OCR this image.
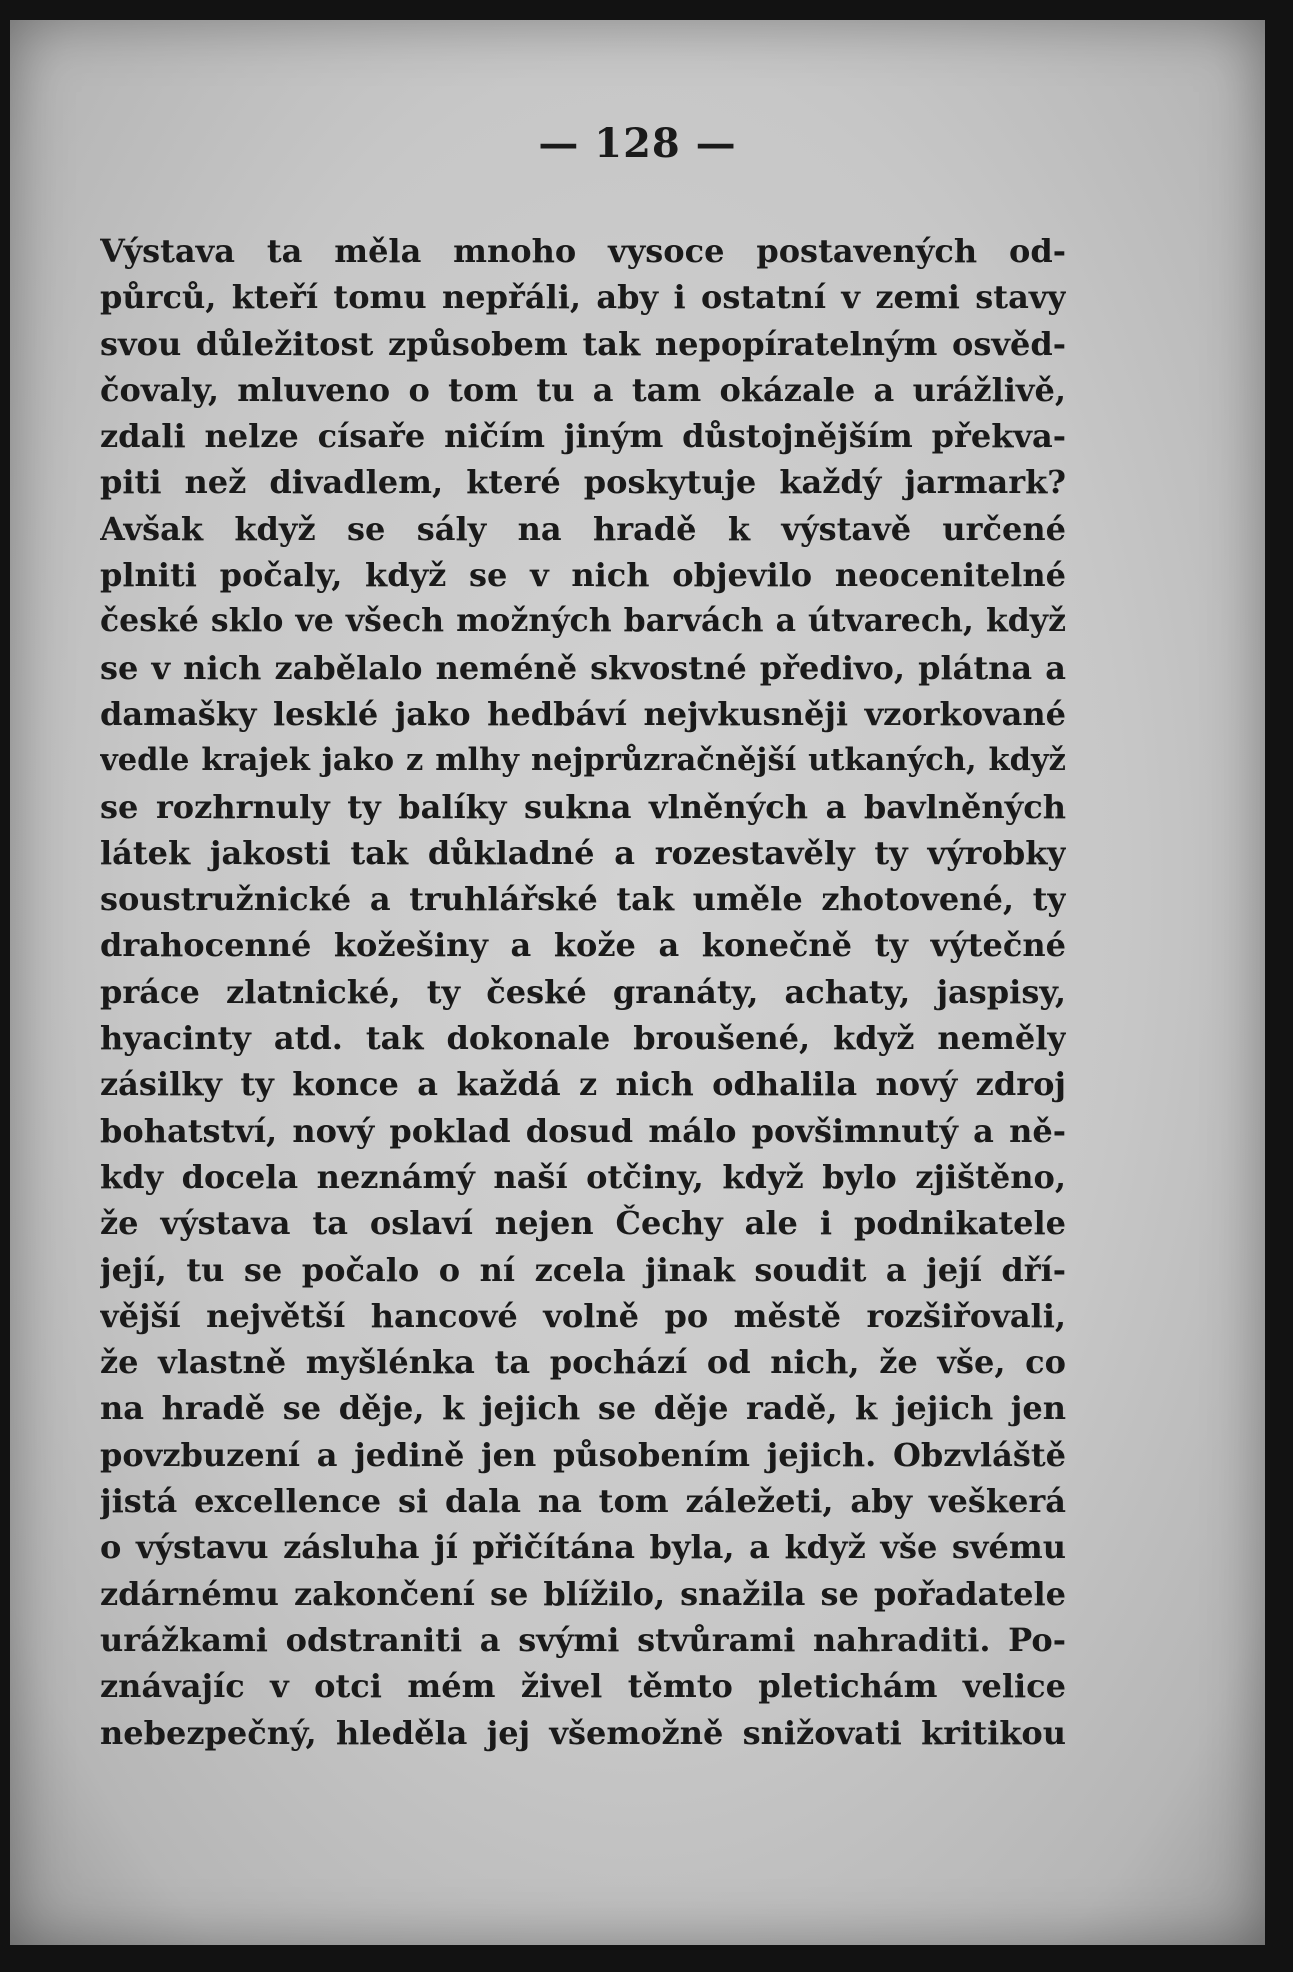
— 128 —
Výstava ta měla mnoho vysoce postavených od-
půrců, kteří tomu nepřáli, aby i ostatní v zemi stavy
svou důležitost způsobem tak nepopíratelným osvěd-
čovaly, mluveno o tom tu a tam okázale a urážlivě,
zdali nelze císaře ničím jiným důstojnějším překva-
piti než divadlem, které poskytuje každý jarmark?
Avšak když se sály na hradě k výstavě určené
plniti počaly, když se v nich objevilo neocenitelné
české sklo ve všech možných barvách a útvarech, když
se v nich zabělalo neméně skvostné předivo, plátna a
damašky lesklé jako hedbáví nejvkusněji vzorkované
vedle krajek jako z mlhy nejprůzračnější utkaných, když
se rozhrnuly ty balíky sukna vlněných a bavlněných
látek jakosti tak důkladné a rozestavěly ty výrobky
soustružnické a truhlářské tak uměle zhotovené, ty
drahocenné kožešiny a kože a konečně ty výtečné
práce zlatnické, ty české granáty, achaty, jaspisy,
hyacinty atd. tak dokonale broušené, když neměly
zásilky ty konce a každá z nich odhalila nový zdroj
bohatství, nový poklad dosud málo povšimnutý a ně-
kdy docela neznámý naší otčiny, když bylo zjištěno,
že výstava ta oslaví nejen Čechy ale i podnikatele
její, tu se počalo o ní zcela jinak soudit a její dří-
vější největší hancové volně po městě rozšiřovali,
že vlastně myšlénka ta pochází od nich, že vše, co
na hradě se děje, k jejich se děje radě, k jejich jen
povzbuzení a jedině jen působením jejich. Obzvláště
jistá excellence si dala na tom záležeti, aby veškerá
o výstavu zásluha jí přičítána byla, a když vše svému
zdárnému zakončení se blížilo, snažila se pořadatele
urážkami odstraniti a svými stvůrami nahraditi. Po-
znávajíc v otci mém živel těmto pletichám velice
nebezpečný, hleděla jej všemožně snižovati kritikou
